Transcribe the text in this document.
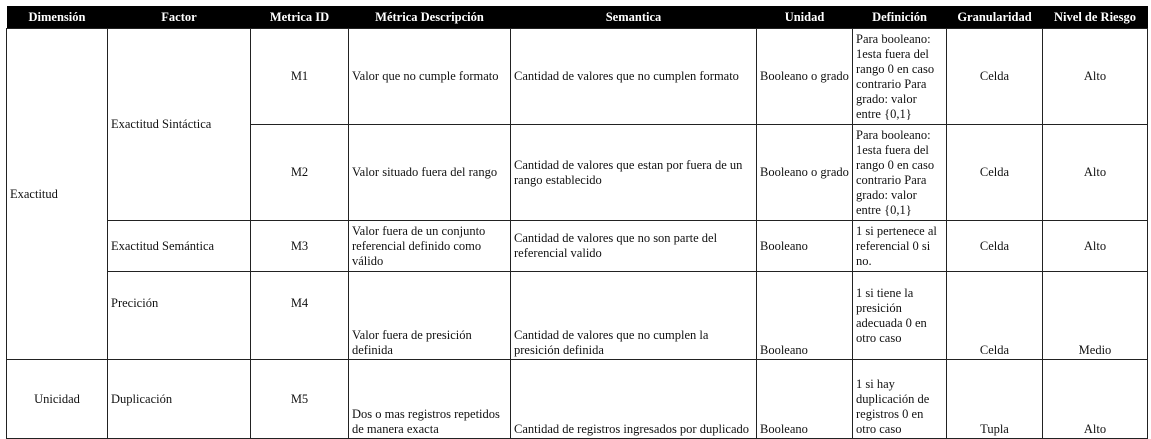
Dimensión	Factor	Metrica ID	Métrica Descripción	Semantica	Unidad	Definición	Granularidad	Nivel de Riesgo
Exactitud	Exactitud Sintáctica	M1	Valor que no cumple formato	Cantidad de valores que no cumplen formato	Booleano o grado	Para booleano: 1esta fuera del rango 0 en caso contrario Para grado: valor entre {0,1}	Celda	Alto
		M2	Valor situado fuera del rango	Cantidad de valores que estan por fuera de un rango establecido	Booleano o grado	Para booleano: 1esta fuera del rango 0 en caso contrario Para grado: valor entre {0,1}	Celda	Alto
	Exactitud Semántica	M3	Valor fuera de un conjunto referencial definido como válido	Cantidad de valores que no son parte del referencial valido	Booleano	1 si pertenece al referencial 0 si no.	Celda	Alto
	Precición	M4	Valor fuera de presición definida	Cantidad de valores que no cumplen la presición definida	Booleano	1 si tiene la presición adecuada 0 en otro caso	Celda	Medio
Unicidad	Duplicación	M5	Dos o mas registros repetidos de manera exacta	Cantidad de registros ingresados por duplicado	Booleano	1 si hay duplicación de registros 0 en otro caso	Tupla	Alto
